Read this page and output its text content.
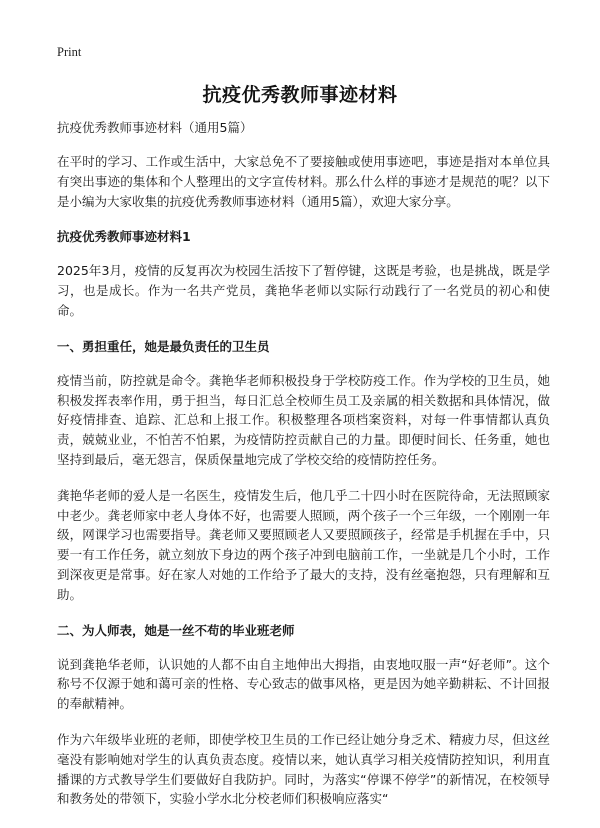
Print
抗疫优秀教师事迹材料
抗疫优秀教师事迹材料（通用5篇）

在平时的学习、工作或生活中，大家总免不了要接触或使用事迹吧，事迹是指对本单位具有突出事迹的集体和个人整理出的文字宣传材料。那么什么样的事迹才是规范的呢？以下是小编为大家收集的抗疫优秀教师事迹材料（通用5篇），欢迎大家分享。

抗疫优秀教师事迹材料1

2025年3月，疫情的反复再次为校园生活按下了暂停键，这既是考验，也是挑战，既是学习，也是成长。作为一名共产党员，龚艳华老师以实际行动践行了一名党员的初心和使命。

一、勇担重任，她是最负责任的卫生员

疫情当前，防控就是命令。龚艳华老师积极投身于学校防疫工作。作为学校的卫生员，她积极发挥表率作用，勇于担当，每日汇总全校师生员工及亲属的相关数据和具体情况，做好疫情排查、追踪、汇总和上报工作。积极整理各项档案资料，对每一件事情都认真负责，兢兢业业，不怕苦不怕累，为疫情防控贡献自己的力量。即便时间长、任务重，她也坚持到最后，毫无怨言，保质保量地完成了学校交给的疫情防控任务。

龚艳华老师的爱人是一名医生，疫情发生后，他几乎二十四小时在医院待命，无法照顾家中老少。龚老师家中老人身体不好，也需要人照顾，两个孩子一个三年级，一个刚刚一年级，网课学习也需要指导。龚老师又要照顾老人又要照顾孩子，经常是手机握在手中，只要一有工作任务，就立刻放下身边的两个孩子冲到电脑前工作，一坐就是几个小时，工作到深夜更是常事。好在家人对她的工作给予了最大的支持，没有丝毫抱怨，只有理解和互助。

二、为人师表，她是一丝不苟的毕业班老师

说到龚艳华老师，认识她的人都不由自主地伸出大拇指，由衷地叹服一声“好老师”。这个称号不仅源于她和蔼可亲的性格、专心致志的做事风格，更是因为她辛勤耕耘、不计回报的奉献精神。

作为六年级毕业班的老师，即使学校卫生员的工作已经让她分身乏术、精疲力尽，但这丝毫没有影响她对学生的认真负责态度。疫情以来，她认真学习相关疫情防控知识，利用直播课的方式教导学生们要做好自我防护。同时，为落实“停课不停学”的新情况，在校领导和教务处的带领下，实验小学水北分校老师们积极响应落实“
